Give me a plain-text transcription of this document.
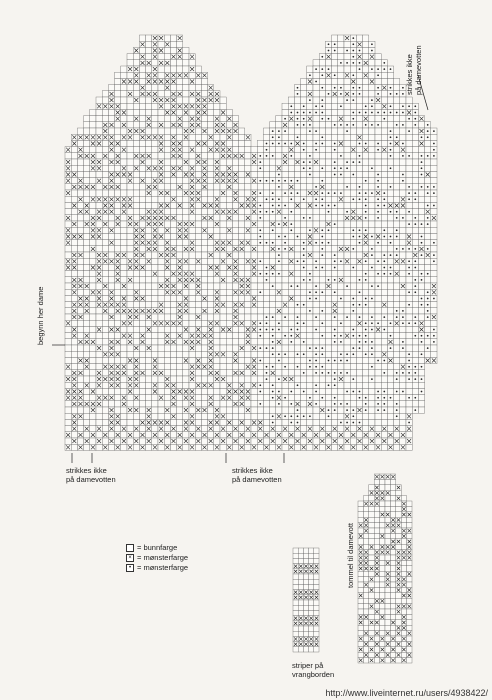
begynn her dame
strikkes ikke på damevotten
strikkes ikke
på damevotten
strikkes ikke
på damevotten
= bunnfarge
× = mønsterfarge
• = mønsterfarge
striper på
vrangborden
tommel til damevott
http://www.liveinternet.ru/users/4938422/
